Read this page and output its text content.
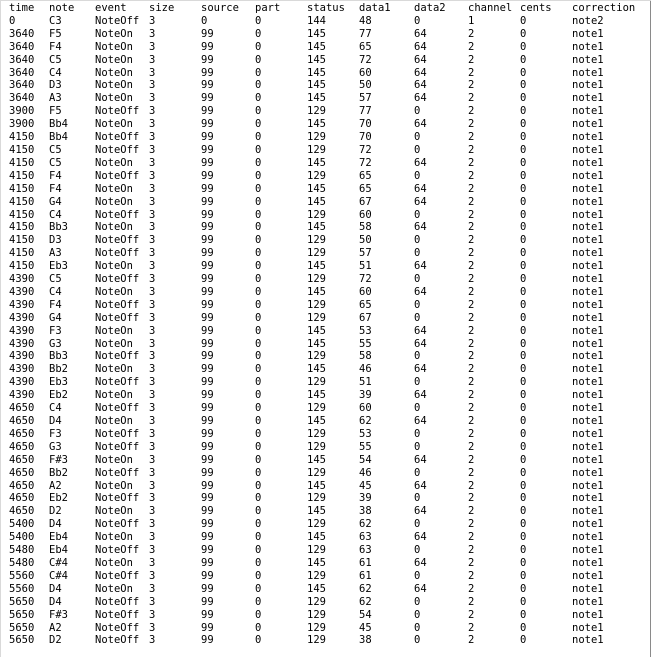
time	note	event	size	source	part	status	data1	data2	channel	cents	correction
0	C3	NoteOff	3	0	0	144	48	0	1	0	note2
3640	F5	NoteOn	3	99	0	145	77	64	2	0	note1
3640	F4	NoteOn	3	99	0	145	65	64	2	0	note1
3640	C5	NoteOn	3	99	0	145	72	64	2	0	note1
3640	C4	NoteOn	3	99	0	145	60	64	2	0	note1
3640	D3	NoteOn	3	99	0	145	50	64	2	0	note1
3640	A3	NoteOn	3	99	0	145	57	64	2	0	note1
3900	F5	NoteOff	3	99	0	129	77	0	2	0	note1
3900	Bb4	NoteOn	3	99	0	145	70	64	2	0	note1
4150	Bb4	NoteOff	3	99	0	129	70	0	2	0	note1
4150	C5	NoteOff	3	99	0	129	72	0	2	0	note1
4150	C5	NoteOn	3	99	0	145	72	64	2	0	note1
4150	F4	NoteOff	3	99	0	129	65	0	2	0	note1
4150	F4	NoteOn	3	99	0	145	65	64	2	0	note1
4150	G4	NoteOn	3	99	0	145	67	64	2	0	note1
4150	C4	NoteOff	3	99	0	129	60	0	2	0	note1
4150	Bb3	NoteOn	3	99	0	145	58	64	2	0	note1
4150	D3	NoteOff	3	99	0	129	50	0	2	0	note1
4150	A3	NoteOff	3	99	0	129	57	0	2	0	note1
4150	Eb3	NoteOn	3	99	0	145	51	64	2	0	note1
4390	C5	NoteOff	3	99	0	129	72	0	2	0	note1
4390	C4	NoteOn	3	99	0	145	60	64	2	0	note1
4390	F4	NoteOff	3	99	0	129	65	0	2	0	note1
4390	G4	NoteOff	3	99	0	129	67	0	2	0	note1
4390	F3	NoteOn	3	99	0	145	53	64	2	0	note1
4390	G3	NoteOn	3	99	0	145	55	64	2	0	note1
4390	Bb3	NoteOff	3	99	0	129	58	0	2	0	note1
4390	Bb2	NoteOn	3	99	0	145	46	64	2	0	note1
4390	Eb3	NoteOff	3	99	0	129	51	0	2	0	note1
4390	Eb2	NoteOn	3	99	0	145	39	64	2	0	note1
4650	C4	NoteOff	3	99	0	129	60	0	2	0	note1
4650	D4	NoteOn	3	99	0	145	62	64	2	0	note1
4650	F3	NoteOff	3	99	0	129	53	0	2	0	note1
4650	G3	NoteOff	3	99	0	129	55	0	2	0	note1
4650	F#3	NoteOn	3	99	0	145	54	64	2	0	note1
4650	Bb2	NoteOff	3	99	0	129	46	0	2	0	note1
4650	A2	NoteOn	3	99	0	145	45	64	2	0	note1
4650	Eb2	NoteOff	3	99	0	129	39	0	2	0	note1
4650	D2	NoteOn	3	99	0	145	38	64	2	0	note1
5400	D4	NoteOff	3	99	0	129	62	0	2	0	note1
5400	Eb4	NoteOn	3	99	0	145	63	64	2	0	note1
5480	Eb4	NoteOff	3	99	0	129	63	0	2	0	note1
5480	C#4	NoteOn	3	99	0	145	61	64	2	0	note1
5560	C#4	NoteOff	3	99	0	129	61	0	2	0	note1
5560	D4	NoteOn	3	99	0	145	62	64	2	0	note1
5650	D4	NoteOff	3	99	0	129	62	0	2	0	note1
5650	F#3	NoteOff	3	99	0	129	54	0	2	0	note1
5650	A2	NoteOff	3	99	0	129	45	0	2	0	note1
5650	D2	NoteOff	3	99	0	129	38	0	2	0	note1
